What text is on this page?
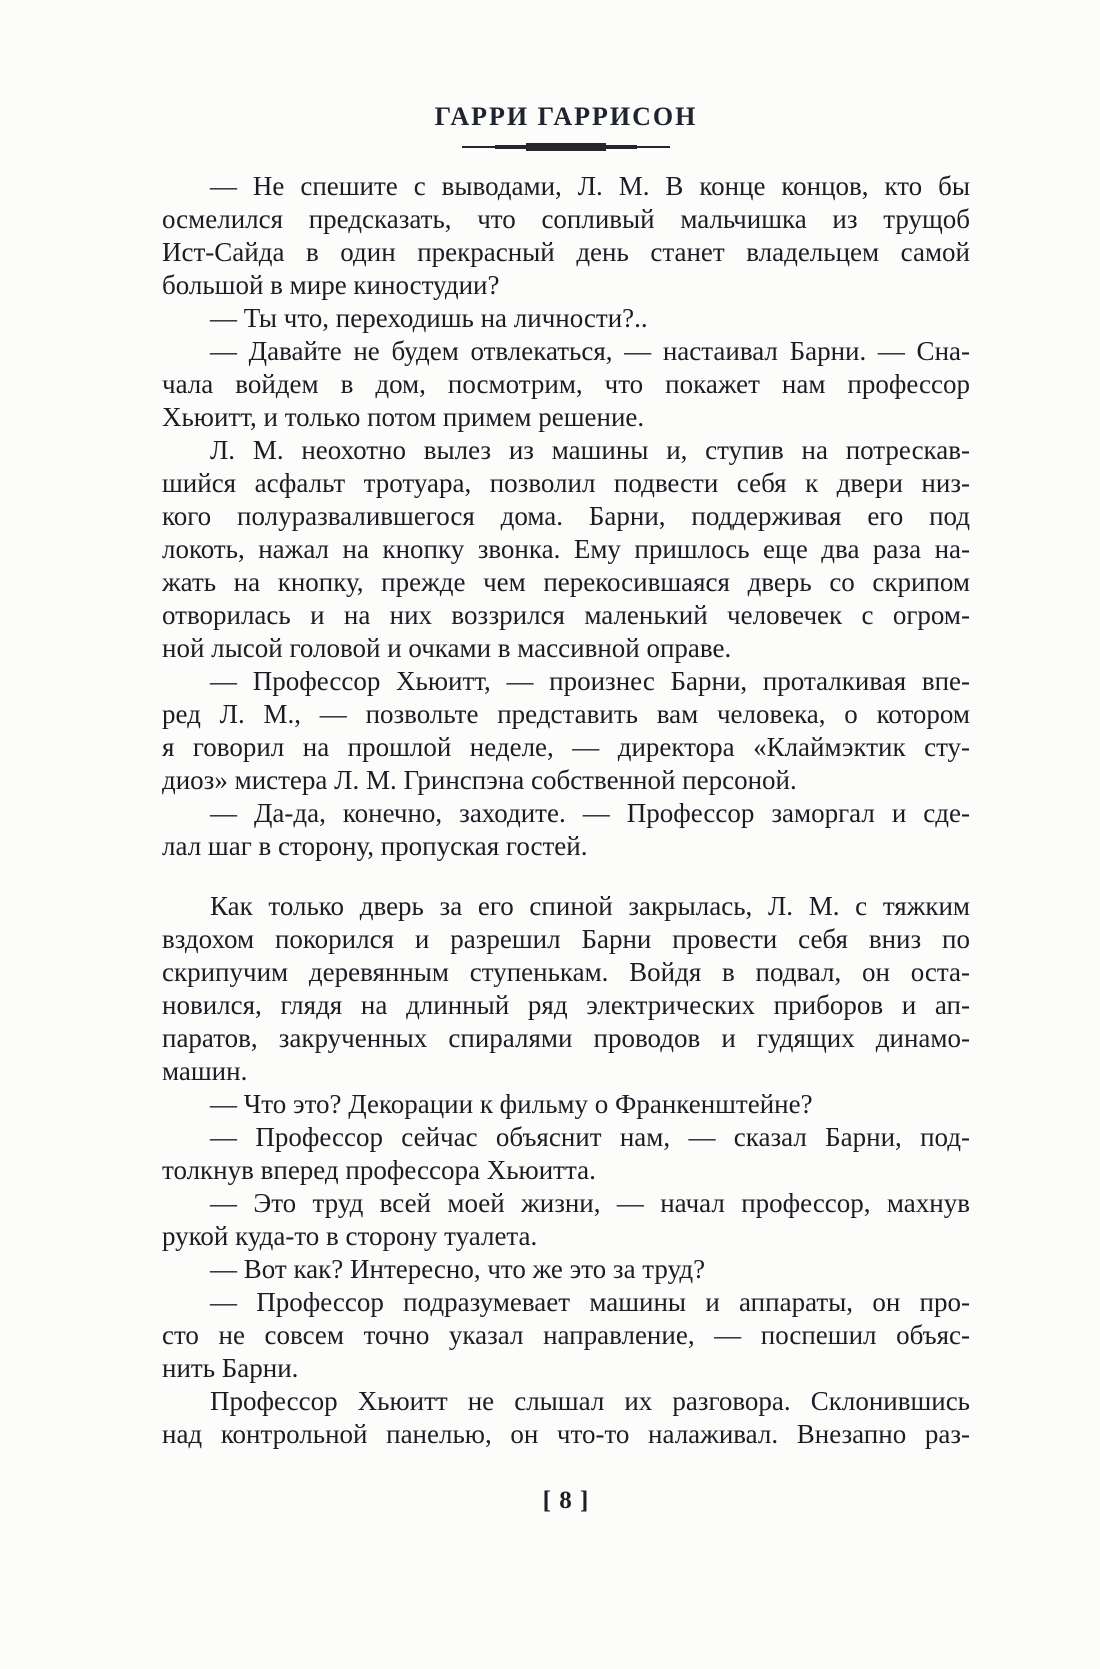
ГАРРИ ГАРРИСОН
— Не спешите с выводами, Л. М. В конце концов, кто бы
осмелился предсказать, что сопливый мальчишка из трущоб
Ист-Сайда в один прекрасный день станет владельцем самой
большой в мире киностудии?
— Ты что, переходишь на личности?..
— Давайте не будем отвлекаться, — настаивал Барни. — Сна-
чала войдем в дом, посмотрим, что покажет нам профессор
Хьюитт, и только потом примем решение.
Л. М. неохотно вылез из машины и, ступив на потрескав-
шийся асфальт тротуара, позволил подвести себя к двери низ-
кого полуразвалившегося дома. Барни, поддерживая его под
локоть, нажал на кнопку звонка. Ему пришлось еще два раза на-
жать на кнопку, прежде чем перекосившаяся дверь со скрипом
отворилась и на них воззрился маленький человечек с огром-
ной лысой головой и очками в массивной оправе.
— Профессор Хьюитт, — произнес Барни, проталкивая впе-
ред Л. М., — позвольте представить вам человека, о котором
я говорил на прошлой неделе, — директора «Клаймэктик сту-
диоз» мистера Л. М. Гринспэна собственной персоной.
— Да-да, конечно, заходите. — Профессор заморгал и сде-
лал шаг в сторону, пропуская гостей.
Как только дверь за его спиной закрылась, Л. М. с тяжким
вздохом покорился и разрешил Барни провести себя вниз по
скрипучим деревянным ступенькам. Войдя в подвал, он оста-
новился, глядя на длинный ряд электрических приборов и ап-
паратов, закрученных спиралями проводов и гудящих динамо-
машин.
— Что это? Декорации к фильму о Франкенштейне?
— Профессор сейчас объяснит нам, — сказал Барни, под-
толкнув вперед профессора Хьюитта.
— Это труд всей моей жизни, — начал профессор, махнув
рукой куда-то в сторону туалета.
— Вот как? Интересно, что же это за труд?
— Профессор подразумевает машины и аппараты, он про-
сто не совсем точно указал направление, — поспешил объяс-
нить Барни.
Профессор Хьюитт не слышал их разговора. Склонившись
над контрольной панелью, он что-то налаживал. Внезапно раз-
[ 8 ]
